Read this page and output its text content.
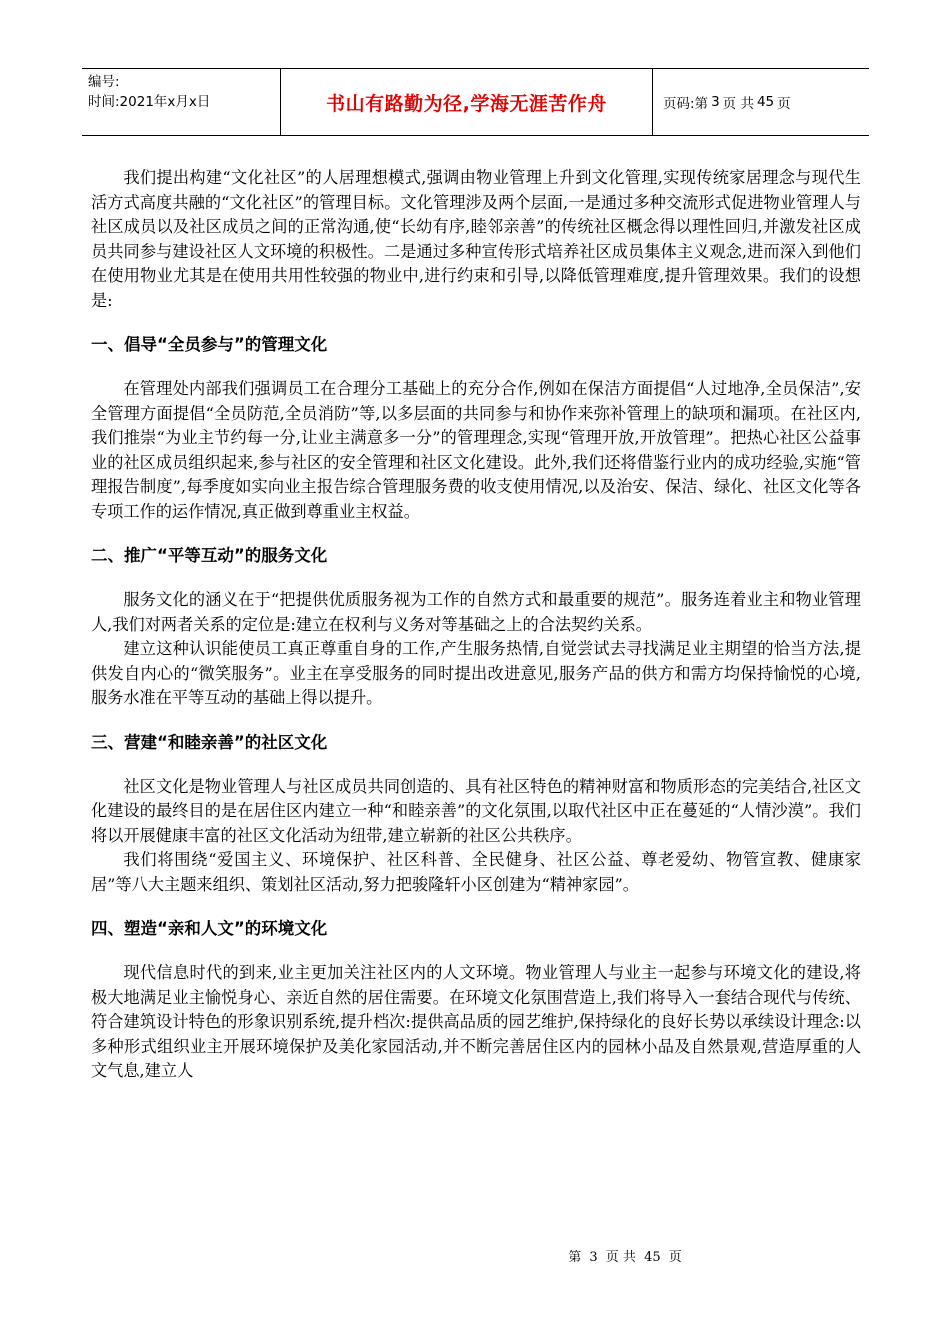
编号:
时间:2021年x月x日	书山有路勤为径,学海无涯苦作舟	页码:第 3 页 共 45 页

我们提出构建“文化社区”的人居理想模式,强调由物业管理上升到文化管理,实现传统家居理念与现代生活方式高度共融的“文化社区”的管理目标。文化管理涉及两个层面,一是通过多种交流形式促进物业管理人与社区成员以及社区成员之间的正常沟通,使“长幼有序,睦邻亲善”的传统社区概念得以理性回归,并激发社区成员共同参与建设社区人文环境的积极性。二是通过多种宣传形式培养社区成员集体主义观念,进而深入到他们在使用物业尤其是在使用共用性较强的物业中,进行约束和引导,以降低管理难度,提升管理效果。我们的设想是:

一、倡导“全员参与”的管理文化

在管理处内部我们强调员工在合理分工基础上的充分合作,例如在保洁方面提倡“人过地净,全员保洁”,安全管理方面提倡“全员防范,全员消防”等,以多层面的共同参与和协作来弥补管理上的缺项和漏项。在社区内,我们推崇“为业主节约每一分,让业主满意多一分”的管理理念,实现“管理开放,开放管理”。把热心社区公益事业的社区成员组织起来,参与社区的安全管理和社区文化建设。此外,我们还将借鉴行业内的成功经验,实施“管理报告制度”,每季度如实向业主报告综合管理服务费的收支使用情况,以及治安、保洁、绿化、社区文化等各专项工作的运作情况,真正做到尊重业主权益。

二、推广“平等互动”的服务文化

服务文化的涵义在于“把提供优质服务视为工作的自然方式和最重要的规范”。服务连着业主和物业管理人,我们对两者关系的定位是:建立在权利与义务对等基础之上的合法契约关系。

建立这种认识能使员工真正尊重自身的工作,产生服务热情,自觉尝试去寻找满足业主期望的恰当方法,提供发自内心的“微笑服务”。业主在享受服务的同时提出改进意见,服务产品的供方和需方均保持愉悦的心境,服务水准在平等互动的基础上得以提升。

三、营建“和睦亲善”的社区文化

社区文化是物业管理人与社区成员共同创造的、具有社区特色的精神财富和物质形态的完美结合,社区文化建设的最终目的是在居住区内建立一种“和睦亲善”的文化氛围,以取代社区中正在蔓延的“人情沙漠”。我们将以开展健康丰富的社区文化活动为纽带,建立崭新的社区公共秩序。

我们将围绕“爱国主义、环境保护、社区科普、全民健身、社区公益、尊老爱幼、物管宣教、健康家居”等八大主题来组织、策划社区活动,努力把骏隆轩小区创建为“精神家园”。

四、塑造“亲和人文”的环境文化

现代信息时代的到来,业主更加关注社区内的人文环境。物业管理人与业主一起参与环境文化的建设,将极大地满足业主愉悦身心、亲近自然的居住需要。在环境文化氛围营造上,我们将导入一套结合现代与传统、符合建筑设计特色的形象识别系统,提升档次:提供高品质的园艺维护,保持绿化的良好长势以承续设计理念:以多种形式组织业主开展环境保护及美化家园活动,并不断完善居住区内的园林小品及自然景观,营造厚重的人文气息,建立人

第 3 页 共 45 页
